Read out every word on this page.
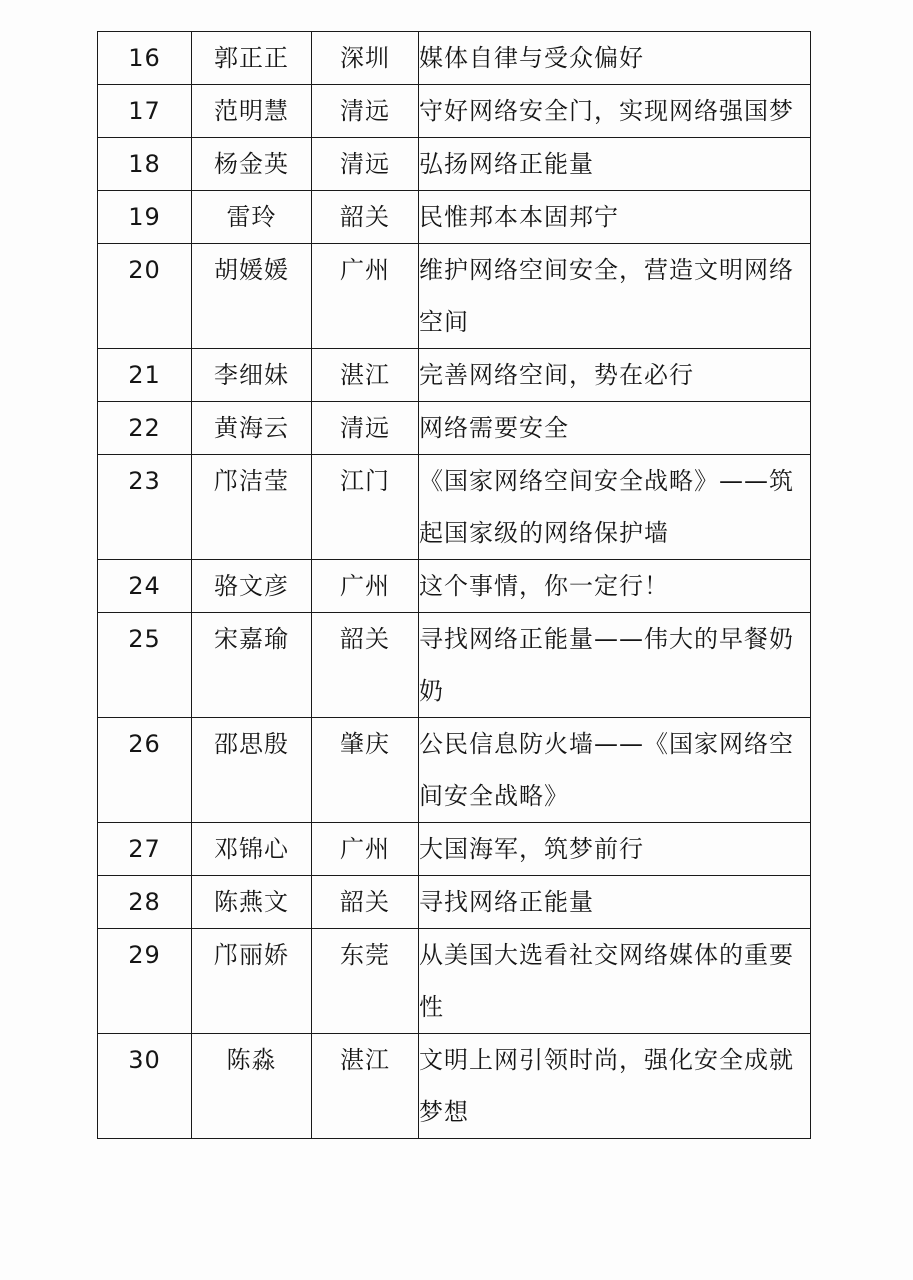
16	郭正正	深圳	媒体自律与受众偏好
17	范明慧	清远	守好网络安全门，实现网络强国梦
18	杨金英	清远	弘扬网络正能量
19	雷玲	韶关	民惟邦本本固邦宁
20	胡媛媛	广州	维护网络空间安全，营造文明网络空间
21	李细妹	湛江	完善网络空间，势在必行
22	黄海云	清远	网络需要安全
23	邝洁莹	江门	《国家网络空间安全战略》——筑起国家级的网络保护墙
24	骆文彦	广州	这个事情，你一定行！
25	宋嘉瑜	韶关	寻找网络正能量——伟大的早餐奶奶
26	邵思殷	肇庆	公民信息防火墙——《国家网络空间安全战略》
27	邓锦心	广州	大国海军，筑梦前行
28	陈燕文	韶关	寻找网络正能量
29	邝丽娇	东莞	从美国大选看社交网络媒体的重要性
30	陈淼	湛江	文明上网引领时尚，强化安全成就梦想
